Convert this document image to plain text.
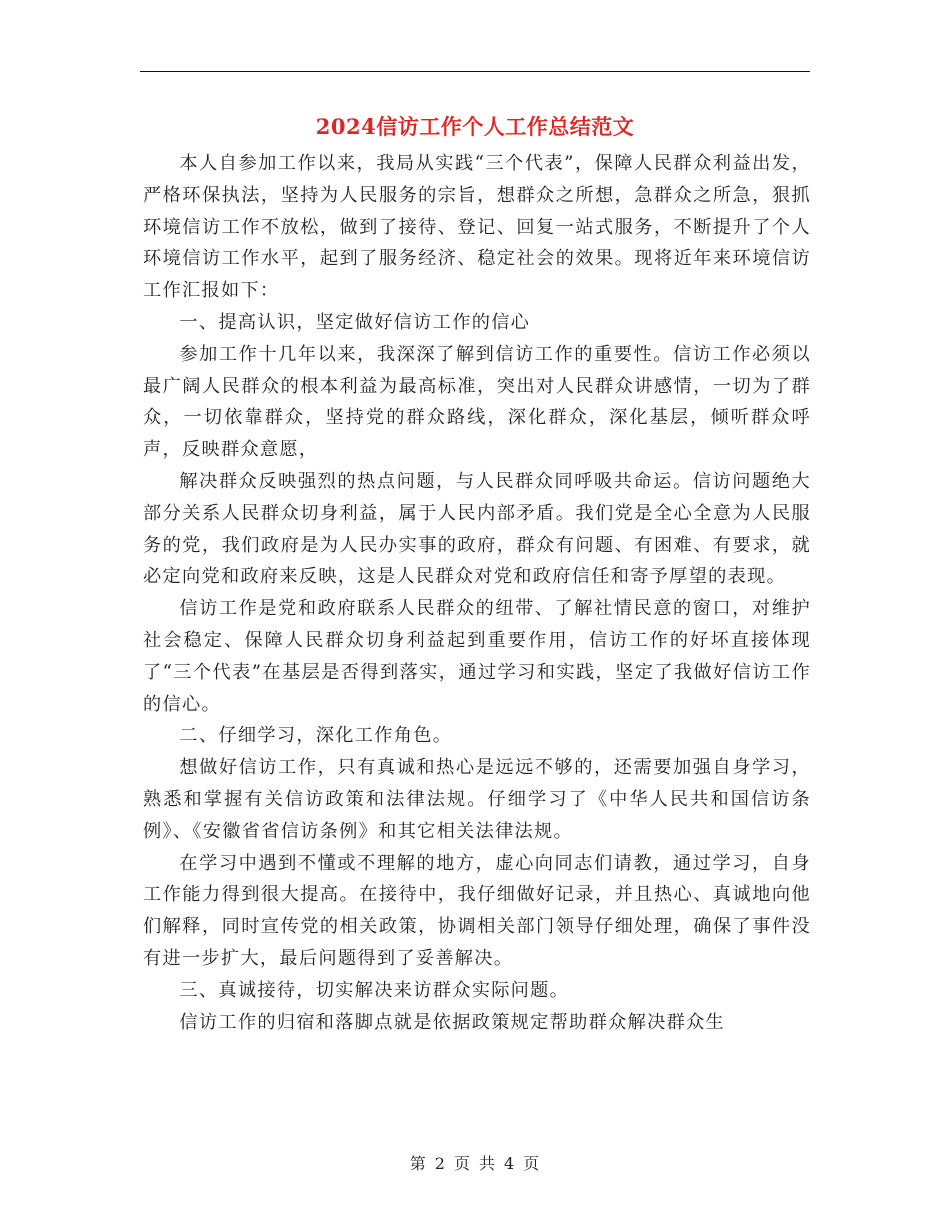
2024信访工作个人工作总结范文

本人自参加工作以来，我局从实践“三个代表”，保障人民群众利益出发，严格环保执法，坚持为人民服务的宗旨，想群众之所想，急群众之所急，狠抓环境信访工作不放松，做到了接待、登记、回复一站式服务，不断提升了个人环境信访工作水平，起到了服务经济、稳定社会的效果。现将近年来环境信访工作汇报如下：

一、提高认识，坚定做好信访工作的信心

参加工作十几年以来，我深深了解到信访工作的重要性。信访工作必须以最广阔人民群众的根本利益为最高标准，突出对人民群众讲感情，一切为了群众，一切依靠群众，坚持党的群众路线，深化群众，深化基层，倾听群众呼声，反映群众意愿，

解决群众反映强烈的热点问题，与人民群众同呼吸共命运。信访问题绝大部分关系人民群众切身利益，属于人民内部矛盾。我们党是全心全意为人民服务的党，我们政府是为人民办实事的政府，群众有问题、有困难、有要求，就必定向党和政府来反映，这是人民群众对党和政府信任和寄予厚望的表现。

信访工作是党和政府联系人民群众的纽带、了解社情民意的窗口，对维护社会稳定、保障人民群众切身利益起到重要作用，信访工作的好坏直接体现了“三个代表”在基层是否得到落实，通过学习和实践，坚定了我做好信访工作的信心。

二、仔细学习，深化工作角色。

想做好信访工作，只有真诚和热心是远远不够的，还需要加强自身学习，熟悉和掌握有关信访政策和法律法规。仔细学习了《中华人民共和国信访条例》、《安徽省省信访条例》和其它相关法律法规。

在学习中遇到不懂或不理解的地方，虚心向同志们请教，通过学习，自身工作能力得到很大提高。在接待中，我仔细做好记录，并且热心、真诚地向他们解释，同时宣传党的相关政策，协调相关部门领导仔细处理，确保了事件没有进一步扩大，最后问题得到了妥善解决。

三、真诚接待，切实解决来访群众实际问题。

信访工作的归宿和落脚点就是依据政策规定帮助群众解决群众生

第 2 页 共 4 页
